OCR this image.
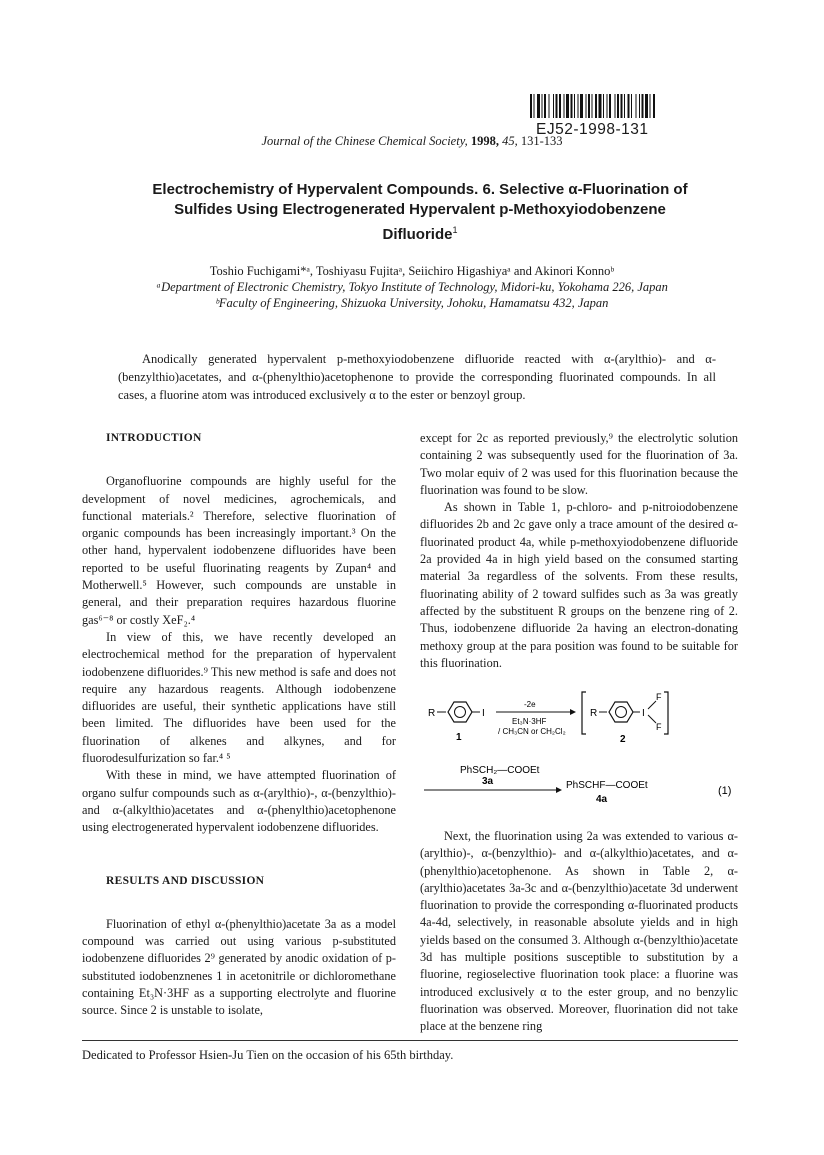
EJ52-1998-131
Journal of the Chinese Chemical Society, 1998, 45, 131-133

Electrochemistry of Hypervalent Compounds. 6. Selective α-Fluorination of

Sulfides Using Electrogenerated Hypervalent p-Methoxyiodobenzene

Difluoride$^1$

Toshio Fuchigami*ᵃ, Toshiyasu Fujitaᵃ, Seiichiro Higashiyaᵃ and Akinori Konnoᵇ

ᵃDepartment of Electronic Chemistry, Tokyo Institute of Technology, Midori-ku, Yokohama 226, Japan

ᵇFaculty of Engineering, Shizuoka University, Johoku, Hamamatsu 432, Japan

Anodically generated hypervalent p-methoxyiodobenzene difluoride reacted with α-(arylthio)- and α-(benzylthio)acetates, and α-(phenylthio)acetophenone to provide the corresponding fluorinated compounds. In all cases, a fluorine atom was introduced exclusively α to the ester or benzoyl group.

INTRODUCTION

Organofluorine compounds are highly useful for the development of novel medicines, agrochemicals, and functional materials.² Therefore, selective fluorination of organic compounds has been increasingly important.³ On the other hand, hypervalent iodobenzene difluorides have been reported to be useful fluorinating reagents by Zupan⁴ and Motherwell.⁵ However, such compounds are unstable in general, and their preparation requires hazardous fluorine gas⁶⁻⁸ or costly XeF₂.⁴

In view of this, we have recently developed an electrochemical method for the preparation of hypervalent iodobenzene difluorides.⁹ This new method is safe and does not require any hazardous reagents. Although iodobenzene difluorides are useful, their synthetic applications have still been limited. The difluorides have been used for the fluorination of alkenes and alkynes, and for fluorodesulfurization so far.⁴ ⁵

With these in mind, we have attempted fluorination of organo sulfur compounds such as α-(arylthio)-, α-(benzylthio)- and α-(alkylthio)acetates and α-(phenylthio)acetophenone using electrogenerated hypervalent iodobenzene difluorides.

RESULTS AND DISCUSSION

Fluorination of ethyl α-(phenylthio)acetate 3a as a model compound was carried out using various p-substituted iodobenzene difluorides 2⁹ generated by anodic oxidation of p-substituted iodobenznenes 1 in acetonitrile or dichloromethane containing Et₃N·3HF as a supporting electrolyte and fluorine source. Since 2 is unstable to isolate,

except for 2c as reported previously,⁹ the electrolytic solution containing 2 was subsequently used for the fluorination of 3a. Two molar equiv of 2 was used for this fluorination because the fluorination was found to be slow.

As shown in Table 1, p-chloro- and p-nitroiodobenzene difluorides 2b and 2c gave only a trace amount of the desired α-fluorinated product 4a, while p-methoxyiodobenzene difluoride 2a provided 4a in high yield based on the consumed starting material 3a regardless of the solvents. From these results, fluorinating ability of 2 toward sulfides such as 3a was greatly affected by the substituent R groups on the benzene ring of 2. Thus, iodobenzene difluoride 2a having an electron-donating methoxy group at the para position was found to be suitable for this fluorination.

R	I
1
-2e
Et₃N·3HF
/ CH₃CN or CH₂Cl₂
R	I
F
F
2
PhSCH₂—COOEt
3a	PhSCHF—COOEt
4a
(1)

Next, the fluorination using 2a was extended to various α-(arylthio)-, α-(benzylthio)- and α-(alkylthio)acetates, and α-(phenylthio)acetophenone. As shown in Table 2, α-(arylthio)acetates 3a-3c and α-(benzylthio)acetate 3d underwent fluorination to provide the corresponding α-fluorinated products 4a-4d, selectively, in reasonable absolute yields and in high yields based on the consumed 3. Although α-(benzylthio)acetate 3d has multiple positions susceptible to substitution by a fluorine, regioselective fluorination took place: a fluorine was introduced exclusively α to the ester group, and no benzylic fluorination was observed. Moreover, fluorination did not take place at the benzene ring

Dedicated to Professor Hsien-Ju Tien on the occasion of his 65th birthday.
